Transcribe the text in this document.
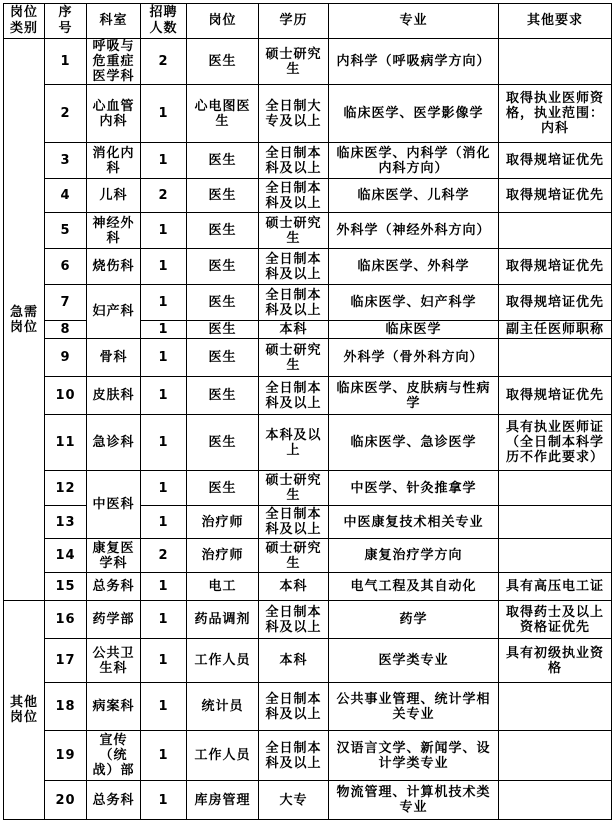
岗位类别	序号	科室	招聘人数	岗位	学历	专业	其他要求
急需岗位	1	呼吸与危重症医学科	2	医生	硕士研究生	内科学（呼吸病学方向）	
	2	心血管内科	1	心电图医生	全日制大专及以上	临床医学、医学影像学	取得执业医师资格，执业范围：内科
	3	消化内科	1	医生	全日制本科及以上	临床医学、内科学（消化内科方向）	取得规培证优先
	4	儿科	2	医生	全日制本科及以上	临床医学、儿科学	取得规培证优先
	5	神经外科	1	医生	硕士研究生	外科学（神经外科方向）	
	6	烧伤科	1	医生	全日制本科及以上	临床医学、外科学	取得规培证优先
	7	妇产科	1	医生	全日制本科及以上	临床医学、妇产科学	取得规培证优先
	8		1	医生	本科	临床医学	副主任医师职称
	9	骨科	1	医生	硕士研究生	外科学（骨外科方向）	
	10	皮肤科	1	医生	全日制本科及以上	临床医学、皮肤病与性病学	取得规培证优先
	11	急诊科	1	医生	本科及以上	临床医学、急诊医学	具有执业医师证（全日制本科学历不作此要求）
	12	中医科	1	医生	硕士研究生	中医学、针灸推拿学	
	13		1	治疗师	全日制本科及以上	中医康复技术相关专业	
	14	康复医学科	2	治疗师	硕士研究生	康复治疗学方向	
	15	总务科	1	电工	本科	电气工程及其自动化	具有高压电工证
其他岗位	16	药学部	1	药品调剂	全日制本科及以上	药学	取得药士及以上资格证优先
	17	公共卫生科	1	工作人员	本科	医学类专业	具有初级执业资格
	18	病案科	1	统计员	全日制本科及以上	公共事业管理、统计学相关专业	
	19	宣传（统战）部	1	工作人员	全日制本科及以上	汉语言文学、新闻学、设计学类专业	
	20	总务科	1	库房管理	大专	物流管理、计算机技术类专业	
